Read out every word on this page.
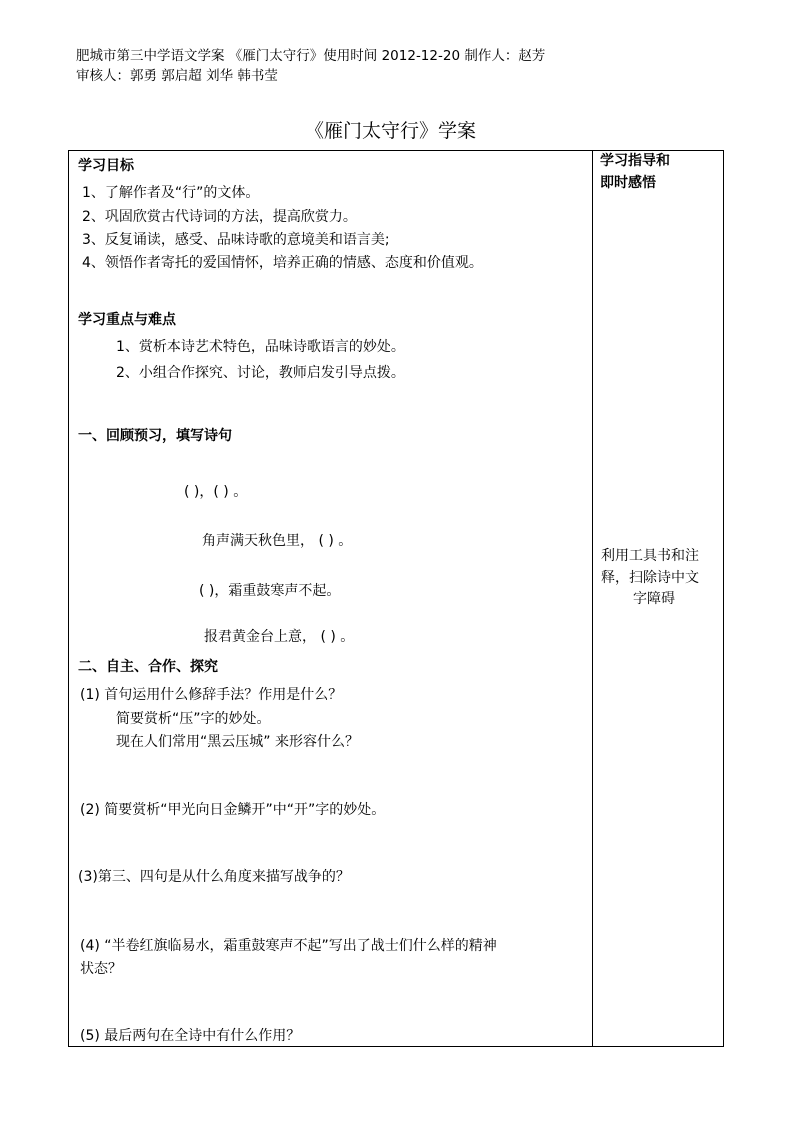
肥城市第三中学语文学案 《雁门太守行》使用时间 2012-12-20 制作人：赵芳
审核人：郭勇 郭启超 刘华 韩书莹
《雁门太守行》学案
学习指导和
即时感悟
利用工具书和注
释，扫除诗中文
字障碍
学习目标
1、了解作者及“行”的文体。
2、巩固欣赏古代诗词的方法，提高欣赏力。
3、反复诵读，感受、品味诗歌的意境美和语言美;
4、领悟作者寄托的爱国情怀，培养正确的情感、态度和价值观。
学习重点与难点
1、赏析本诗艺术特色，品味诗歌语言的妙处。
2、小组合作探究、讨论，教师启发引导点拨。
一、回顾预习，填写诗句
( )，( ) 。
角声满天秋色里， ( ) 。
( )，霜重鼓寒声不起。
报君黄金台上意， ( ) 。
二、自主、合作、探究
(1) 首句运用什么修辞手法？作用是什么？
简要赏析“压”字的妙处。
现在人们常用“黑云压城” 来形容什么？
(2) 简要赏析“甲光向日金鳞开”中“开”字的妙处。
(3)第三、四句是从什么角度来描写战争的？
(4) “半卷红旗临易水，霜重鼓寒声不起”写出了战士们什么样的精神
状态？
(5) 最后两句在全诗中有什么作用？
